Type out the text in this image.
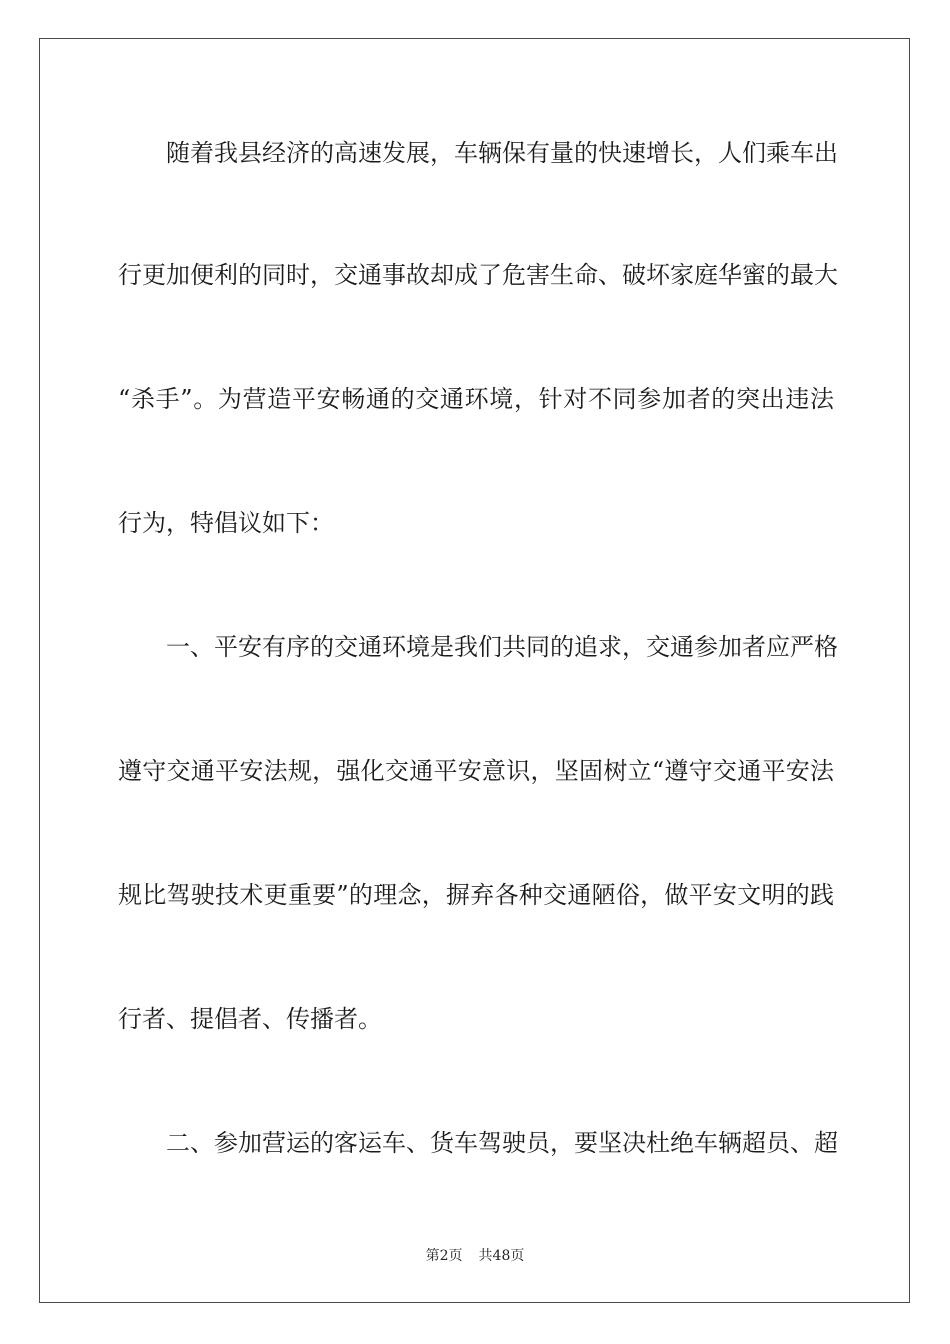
随着我县经济的高速发展，车辆保有量的快速增长，人们乘车出
行更加便利的同时，交通事故却成了危害生命、破坏家庭华蜜的最大
“杀手”。为营造平安畅通的交通环境，针对不同参加者的突出违法
行为，特倡议如下：
一、平安有序的交通环境是我们共同的追求，交通参加者应严格
遵守交通平安法规，强化交通平安意识，坚固树立“遵守交通平安法
规比驾驶技术更重要”的理念，摒弃各种交通陋俗，做平安文明的践
行者、提倡者、传播者。
二、参加营运的客运车、货车驾驶员，要坚决杜绝车辆超员、超
第2页 共48页
